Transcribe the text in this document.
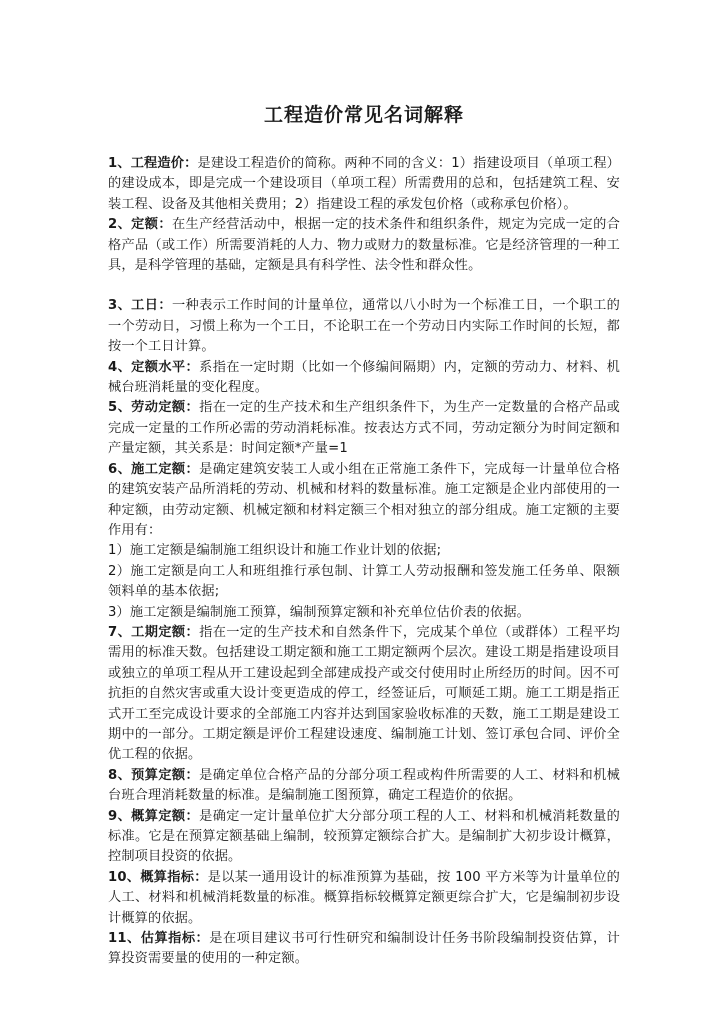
工程造价常见名词解释

1、工程造价：是建设工程造价的简称。两种不同的含义：1）指建设项目（单项工程）的建设成本，即是完成一个建设项目（单项工程）所需费用的总和，包括建筑工程、安装工程、设备及其他相关费用；2）指建设工程的承发包价格（或称承包价格）。

2、定额：在生产经营活动中，根据一定的技术条件和组织条件，规定为完成一定的合格产品（或工作）所需要消耗的人力、物力或财力的数量标准。它是经济管理的一种工具，是科学管理的基础，定额是具有科学性、法令性和群众性。

3、工日：一种表示工作时间的计量单位，通常以八小时为一个标准工日，一个职工的一个劳动日，习惯上称为一个工日，不论职工在一个劳动日内实际工作时间的长短，都按一个工日计算。

4、定额水平：系指在一定时期（比如一个修编间隔期）内，定额的劳动力、材料、机械台班消耗量的变化程度。

5、劳动定额：指在一定的生产技术和生产组织条件下，为生产一定数量的合格产品或完成一定量的工作所必需的劳动消耗标准。按表达方式不同，劳动定额分为时间定额和产量定额，其关系是：时间定额*产量=1

6、施工定额：是确定建筑安装工人或小组在正常施工条件下，完成每一计量单位合格的建筑安装产品所消耗的劳动、机械和材料的数量标准。施工定额是企业内部使用的一种定额，由劳动定额、机械定额和材料定额三个相对独立的部分组成。施工定额的主要作用有：

1）施工定额是编制施工组织设计和施工作业计划的依据;

2）施工定额是向工人和班组推行承包制、计算工人劳动报酬和签发施工任务单、限额领料单的基本依据;

3）施工定额是编制施工预算，编制预算定额和补充单位估价表的依据。

7、工期定额：指在一定的生产技术和自然条件下，完成某个单位（或群体）工程平均需用的标准天数。包括建设工期定额和施工工期定额两个层次。建设工期是指建设项目或独立的单项工程从开工建设起到全部建成投产或交付使用时止所经历的时间。因不可抗拒的自然灾害或重大设计变更造成的停工，经签证后，可顺延工期。施工工期是指正式开工至完成设计要求的全部施工内容并达到国家验收标准的天数，施工工期是建设工期中的一部分。工期定额是评价工程建设速度、编制施工计划、签订承包合同、评价全优工程的依据。

8、预算定额：是确定单位合格产品的分部分项工程或构件所需要的人工、材料和机械台班合理消耗数量的标准。是编制施工图预算，确定工程造价的依据。

9、概算定额：是确定一定计量单位扩大分部分项工程的人工、材料和机械消耗数量的标准。它是在预算定额基础上编制，较预算定额综合扩大。是编制扩大初步设计概算，控制项目投资的依据。

10、概算指标：是以某一通用设计的标准预算为基础，按 100 平方米等为计量单位的人工、材料和机械消耗数量的标准。概算指标较概算定额更综合扩大，它是编制初步设计概算的依据。

11、估算指标：是在项目建议书可行性研究和编制设计任务书阶段编制投资估算，计算投资需要量的使用的一种定额。
